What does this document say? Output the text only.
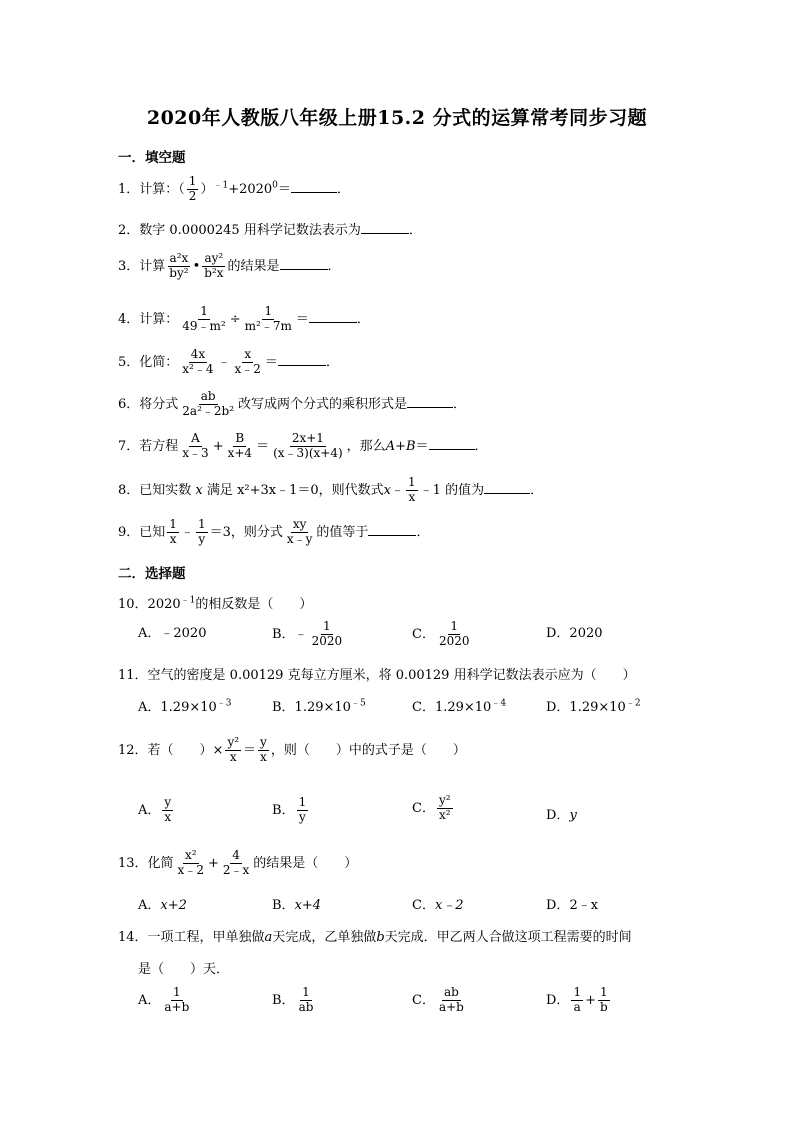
2020年人教版八年级上册15.2 分式的运算常考同步习题
一．填空题
1．计算：（ $\frac{1}{2} )^{﹣1}+2020^0=$	．
2．数字 0.0000245 用科学记数法表示为	．
3．计算 $\frac{\text{a²x}}{\text{by²}}$ • $\frac{\text{ay²}}{\text{b²x}}$ 的结果是	．
4．计算： $\frac{1}{\text{49﹣m²}} \div \frac{1}{\text{m²﹣7m}}$ ＝	．
5．化简： $\frac{4x}{\text{x²﹣4}}$ ﹣ $\frac{x}{x﹣2}$ ＝	．
6．将分式 $\frac{ab}{\text{2a²﹣2b²}}$ 改写成两个分式的乘积形式是	．
7．若方程 $\frac{A}{x﹣3} + \frac{B}{x+4} = \frac{2x+1}{(x﹣3)(x+4)}$ ，那么A+B＝	．
8．已知实数 x 满足 x²+3x﹣1＝0，则代数式x﹣ $\frac{1}{x}$ ﹣1 的值为	．
9．已知 $\frac{1}{x}$ ﹣ $\frac{1}{y} =3$，则分式 $\frac{xy}{x﹣y}$ 的值等于	．
二．选择题
10．$2020^{﹣1}$的相反数是（　　）
A．﹣2020	B．﹣ $\frac{1}{2020}$	C． $\frac{1}{2020}$	D．2020
11．空气的密度是 0.00129 克每立方厘米，将 0.00129 用科学记数法表示应为（　　）
A．$1.29\times 10^{﹣3}$	B．$1.29\times 10^{﹣5}$	C．$1.29\times 10^{﹣4}$	D．$1.29\times 10^{﹣2}$
12．若（　　）× $\frac{\text{y²}}{x} = \frac{y}{x}$ ，则（　　）中的式子是（　　）
A． $\frac{y}{x}$	B． $\frac{1}{y}$	C． $\frac{\text{y²}}{\text{x²}}$	D．y
13．化简 $\frac{\text{x²}}{x﹣2} + \frac{4}{2﹣x}$ 的结果是（　　）
A．x+2	B．x+4	C．x﹣2	D．2﹣x
14．一项工程，甲单独做a天完成，乙单独做b天完成．甲乙两人合做这项工程需要的时间
是（　　）天．
A． $\frac{1}{a+b}$	B． $\frac{1}{ab}$	C． $\frac{ab}{a+b}$	D． $\frac{1}{a} + \frac{1}{b}$
